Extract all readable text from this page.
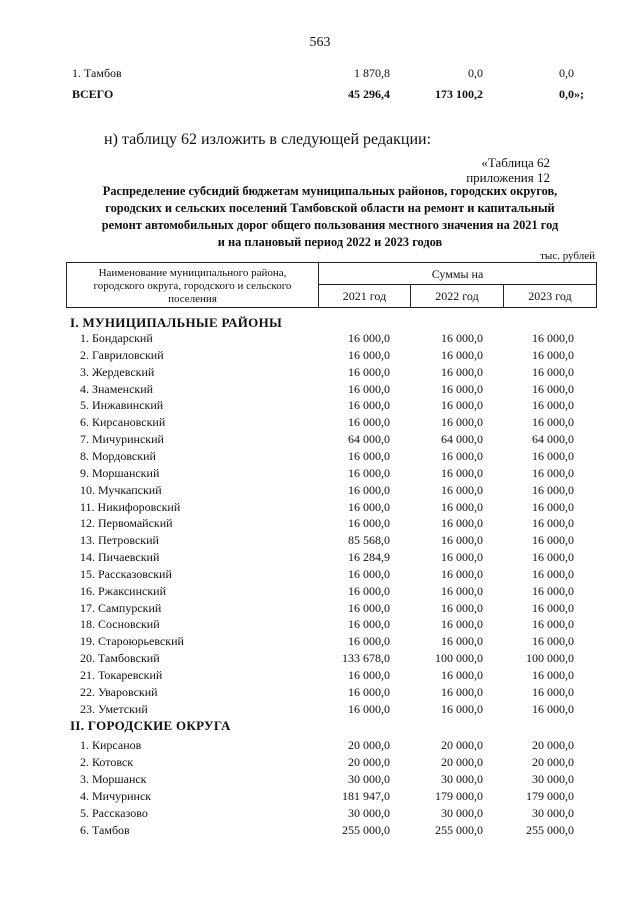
563
1. Тамбов	1 870,8	0,0	0,0
ВСЕГО	45 296,4	173 100,2	0,0»;
н) таблицу 62 изложить в следующей редакции:
«Таблица 62
приложения 12
Распределение субсидий бюджетам муниципальных районов, городских округов,
городских и сельских поселений Тамбовской области на ремонт и капитальный
ремонт автомобильных дорог общего пользования местного значения на 2021 год
и на плановый период 2022 и 2023 годов
тыс. рублей
Наименование муниципального района,
городского округа, городского и сельского
поселения
Суммы на
2021 год	2022 год	2023 год
I. МУНИЦИПАЛЬНЫЕ РАЙОНЫ
1. Бондарский	16 000,0	16 000,0	16 000,0
2. Гавриловский	16 000,0	16 000,0	16 000,0
3. Жердевский	16 000,0	16 000,0	16 000,0
4. Знаменский	16 000,0	16 000,0	16 000,0
5. Инжавинский	16 000,0	16 000,0	16 000,0
6. Кирсановский	16 000,0	16 000,0	16 000,0
7. Мичуринский	64 000,0	64 000,0	64 000,0
8. Мордовский	16 000,0	16 000,0	16 000,0
9. Моршанский	16 000,0	16 000,0	16 000,0
10. Мучкапский	16 000,0	16 000,0	16 000,0
11. Никифоровский	16 000,0	16 000,0	16 000,0
12. Первомайский	16 000,0	16 000,0	16 000,0
13. Петровский	85 568,0	16 000,0	16 000,0
14. Пичаевский	16 284,9	16 000,0	16 000,0
15. Рассказовский	16 000,0	16 000,0	16 000,0
16. Ржаксинский	16 000,0	16 000,0	16 000,0
17. Сампурский	16 000,0	16 000,0	16 000,0
18. Сосновский	16 000,0	16 000,0	16 000,0
19. Староюрьевский	16 000,0	16 000,0	16 000,0
20. Тамбовский	133 678,0	100 000,0	100 000,0
21. Токаревский	16 000,0	16 000,0	16 000,0
22. Уваровский	16 000,0	16 000,0	16 000,0
23. Уметский	16 000,0	16 000,0	16 000,0
II. ГОРОДСКИЕ ОКРУГА
1. Кирсанов	20 000,0	20 000,0	20 000,0
2. Котовск	20 000,0	20 000,0	20 000,0
3. Моршанск	30 000,0	30 000,0	30 000,0
4. Мичуринск	181 947,0	179 000,0	179 000,0
5. Рассказово	30 000,0	30 000,0	30 000,0
6. Тамбов	255 000,0	255 000,0	255 000,0
